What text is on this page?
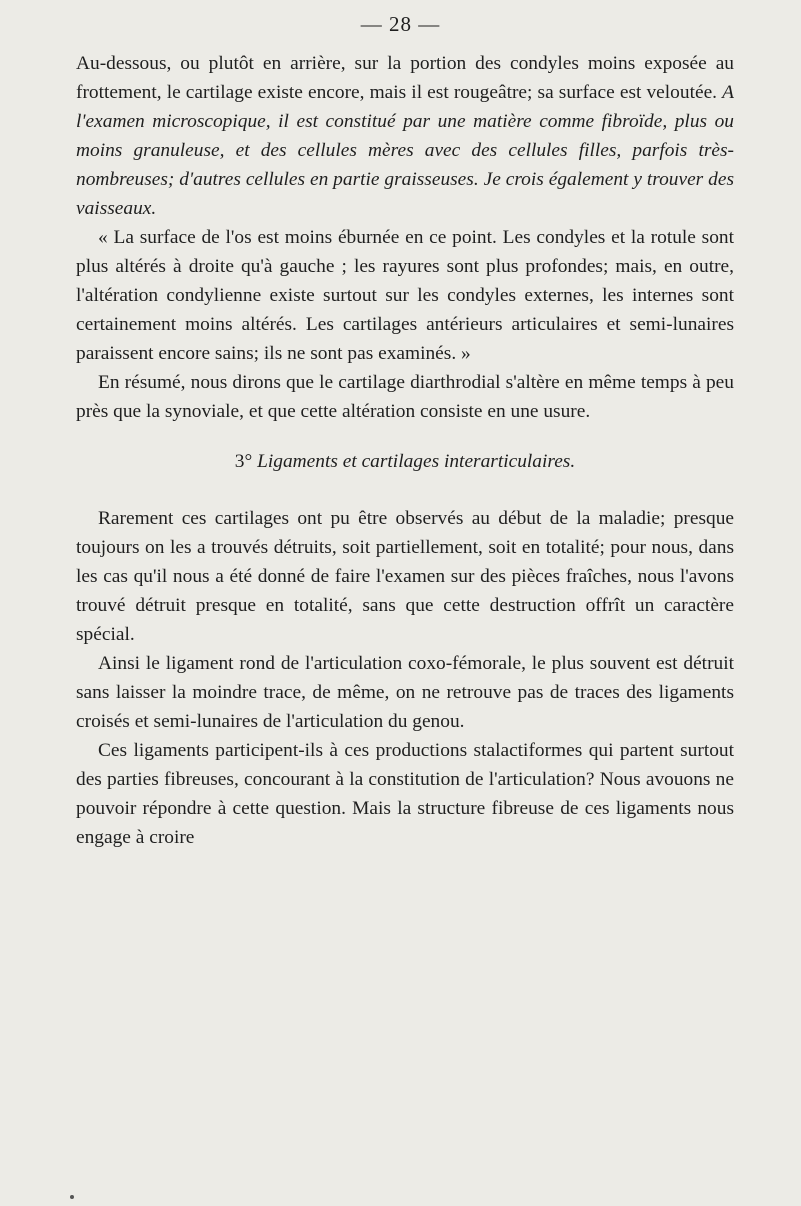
— 28 —

Au-dessous, ou plutôt en arrière, sur la portion des condyles moins exposée au frottement, le cartilage existe encore, mais il est rougeâtre; sa surface est veloutée. A l'examen microscopique, il est constitué par une matière comme fibroïde, plus ou moins granuleuse, et des cellules mères avec des cellules filles, parfois très-nombreuses; d'autres cellules en partie graisseuses. Je crois également y trouver des vaisseaux.

« La surface de l'os est moins éburnée en ce point. Les condyles et la rotule sont plus altérés à droite qu'à gauche ; les rayures sont plus profondes; mais, en outre, l'altération condylienne existe surtout sur les condyles externes, les internes sont certainement moins altérés. Les cartilages antérieurs articulaires et semi-lunaires paraissent encore sains; ils ne sont pas examinés. »

En résumé, nous dirons que le cartilage diarthrodial s'altère en même temps à peu près que la synoviale, et que cette altération consiste en une usure.

3° Ligaments et cartilages interarticulaires.

Rarement ces cartilages ont pu être observés au début de la maladie; presque toujours on les a trouvés détruits, soit partiellement, soit en totalité; pour nous, dans les cas qu'il nous a été donné de faire l'examen sur des pièces fraîches, nous l'avons trouvé détruit presque en totalité, sans que cette destruction offrît un caractère spécial.

Ainsi le ligament rond de l'articulation coxo-fémorale, le plus souvent est détruit sans laisser la moindre trace, de même, on ne retrouve pas de traces des ligaments croisés et semi-lunaires de l'articulation du genou.

Ces ligaments participent-ils à ces productions stalactiformes qui partent surtout des parties fibreuses, concourant à la constitution de l'articulation? Nous avouons ne pouvoir répondre à cette question. Mais la structure fibreuse de ces ligaments nous engage à croire
